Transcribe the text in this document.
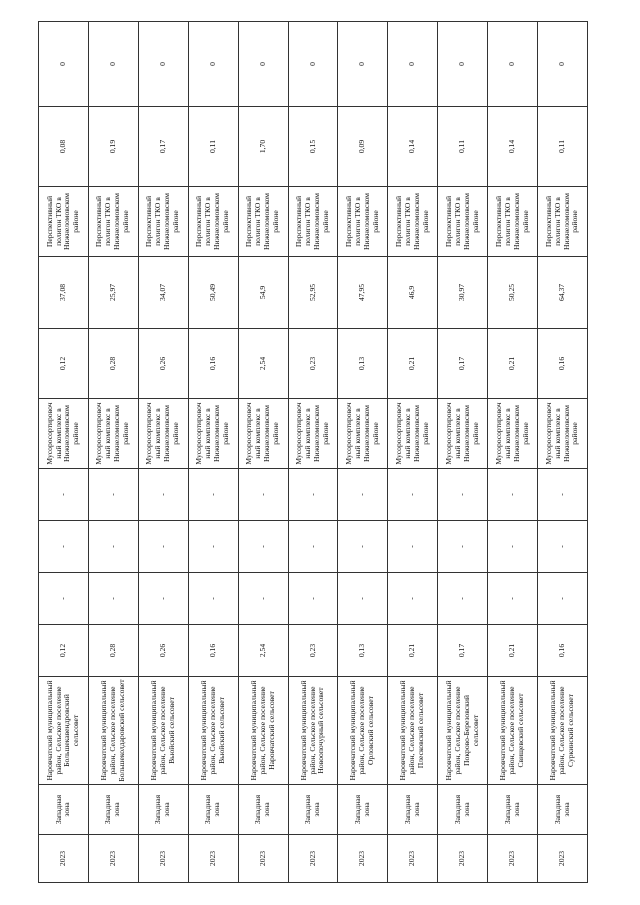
2023	Западная зона	Наровчатский муниципальный район, Сельское поселение Большекавендровский сельсовет	0,12	-	-	-	Мусоросортировочный комплекс в Нижнеломовском районе	0,12	37,08	Перспективный полигон ТКО в Нижнеломовском районе	0,08	0
2023	Западная зона	Наровчатский муниципальный район, Сельское поселение Большеколдаровский сельсовет	0,28	-	-	-	Мусоросортировочный комплекс в Нижнеломовском районе	0,28	25,97	Перспективный полигон ТКО в Нижнеломовском районе	0,19	0
2023	Западная зона	Наровчатский муниципальный район, Сельское поселение Вьюйский сельсовет	0,26	-	-	-	Мусоросортировочный комплекс в Нижнеломовском районе	0,26	34,07	Перспективный полигон ТКО в Нижнеломовском районе	0,17	0
2023	Западная зона	Наровчатский муниципальный район, Сельское поселение Вьюйский сельсовет	0,16	-	-	-	Мусоросортировочный комплекс в Нижнеломовском районе	0,16	50,49	Перспективный полигон ТКО в Нижнеломовском районе	0,11	0
2023	Западная зона	Наровчатский муниципальный район, Сельское поселение Наровчатский сельсовет	2,54	-	-	-	Мусоросортировочный комплекс в Нижнеломовском районе	2,54	54,9	Перспективный полигон ТКО в Нижнеломовском районе	1,70	0
2023	Западная зона	Наровчатский муниципальный район, Сельское поселение Новоопочурный сельсовет	0,23	-	-	-	Мусоросортировочный комплекс в Нижнеломовском районе	0,23	52,95	Перспективный полигон ТКО в Нижнеломовском районе	0,15	0
2023	Западная зона	Наровчатский муниципальный район, Сельское поселение Орловский сельсовет	0,13	-	-	-	Мусоросортировочный комплекс в Нижнеломовском районе	0,13	47,95	Перспективный полигон ТКО в Нижнеломовском районе	0,09	0
2023	Западная зона	Наровчатский муниципальный район, Сельское поселение Плесковский сельсовет	0,21	-	-	-	Мусоросортировочный комплекс в Нижнеломовском районе	0,21	46,9	Перспективный полигон ТКО в Нижнеломовском районе	0,14	0
2023	Западная зона	Наровчатский муниципальный район, Сельское поселение Покрово-Березовский сельсовет	0,17	-	-	-	Мусоросортировочный комплекс в Нижнеломовском районе	0,17	30,97	Перспективный полигон ТКО в Нижнеломовском районе	0,11	0
2023	Западная зона	Наровчатский муниципальный район, Сельское поселение Свищевский сельсовет	0,21	-	-	-	Мусоросортировочный комплекс в Нижнеломовском районе	0,21	50,25	Перспективный полигон ТКО в Нижнеломовском районе	0,14	0
2023	Западная зона	Наровчатский муниципальный район, Сельское поселение Суркинский сельсовет	0,16	-	-	-	Мусоросортировочный комплекс в Нижнеломовском районе	0,16	64,37	Перспективный полигон ТКО в Нижнеломовском районе	0,11	0
